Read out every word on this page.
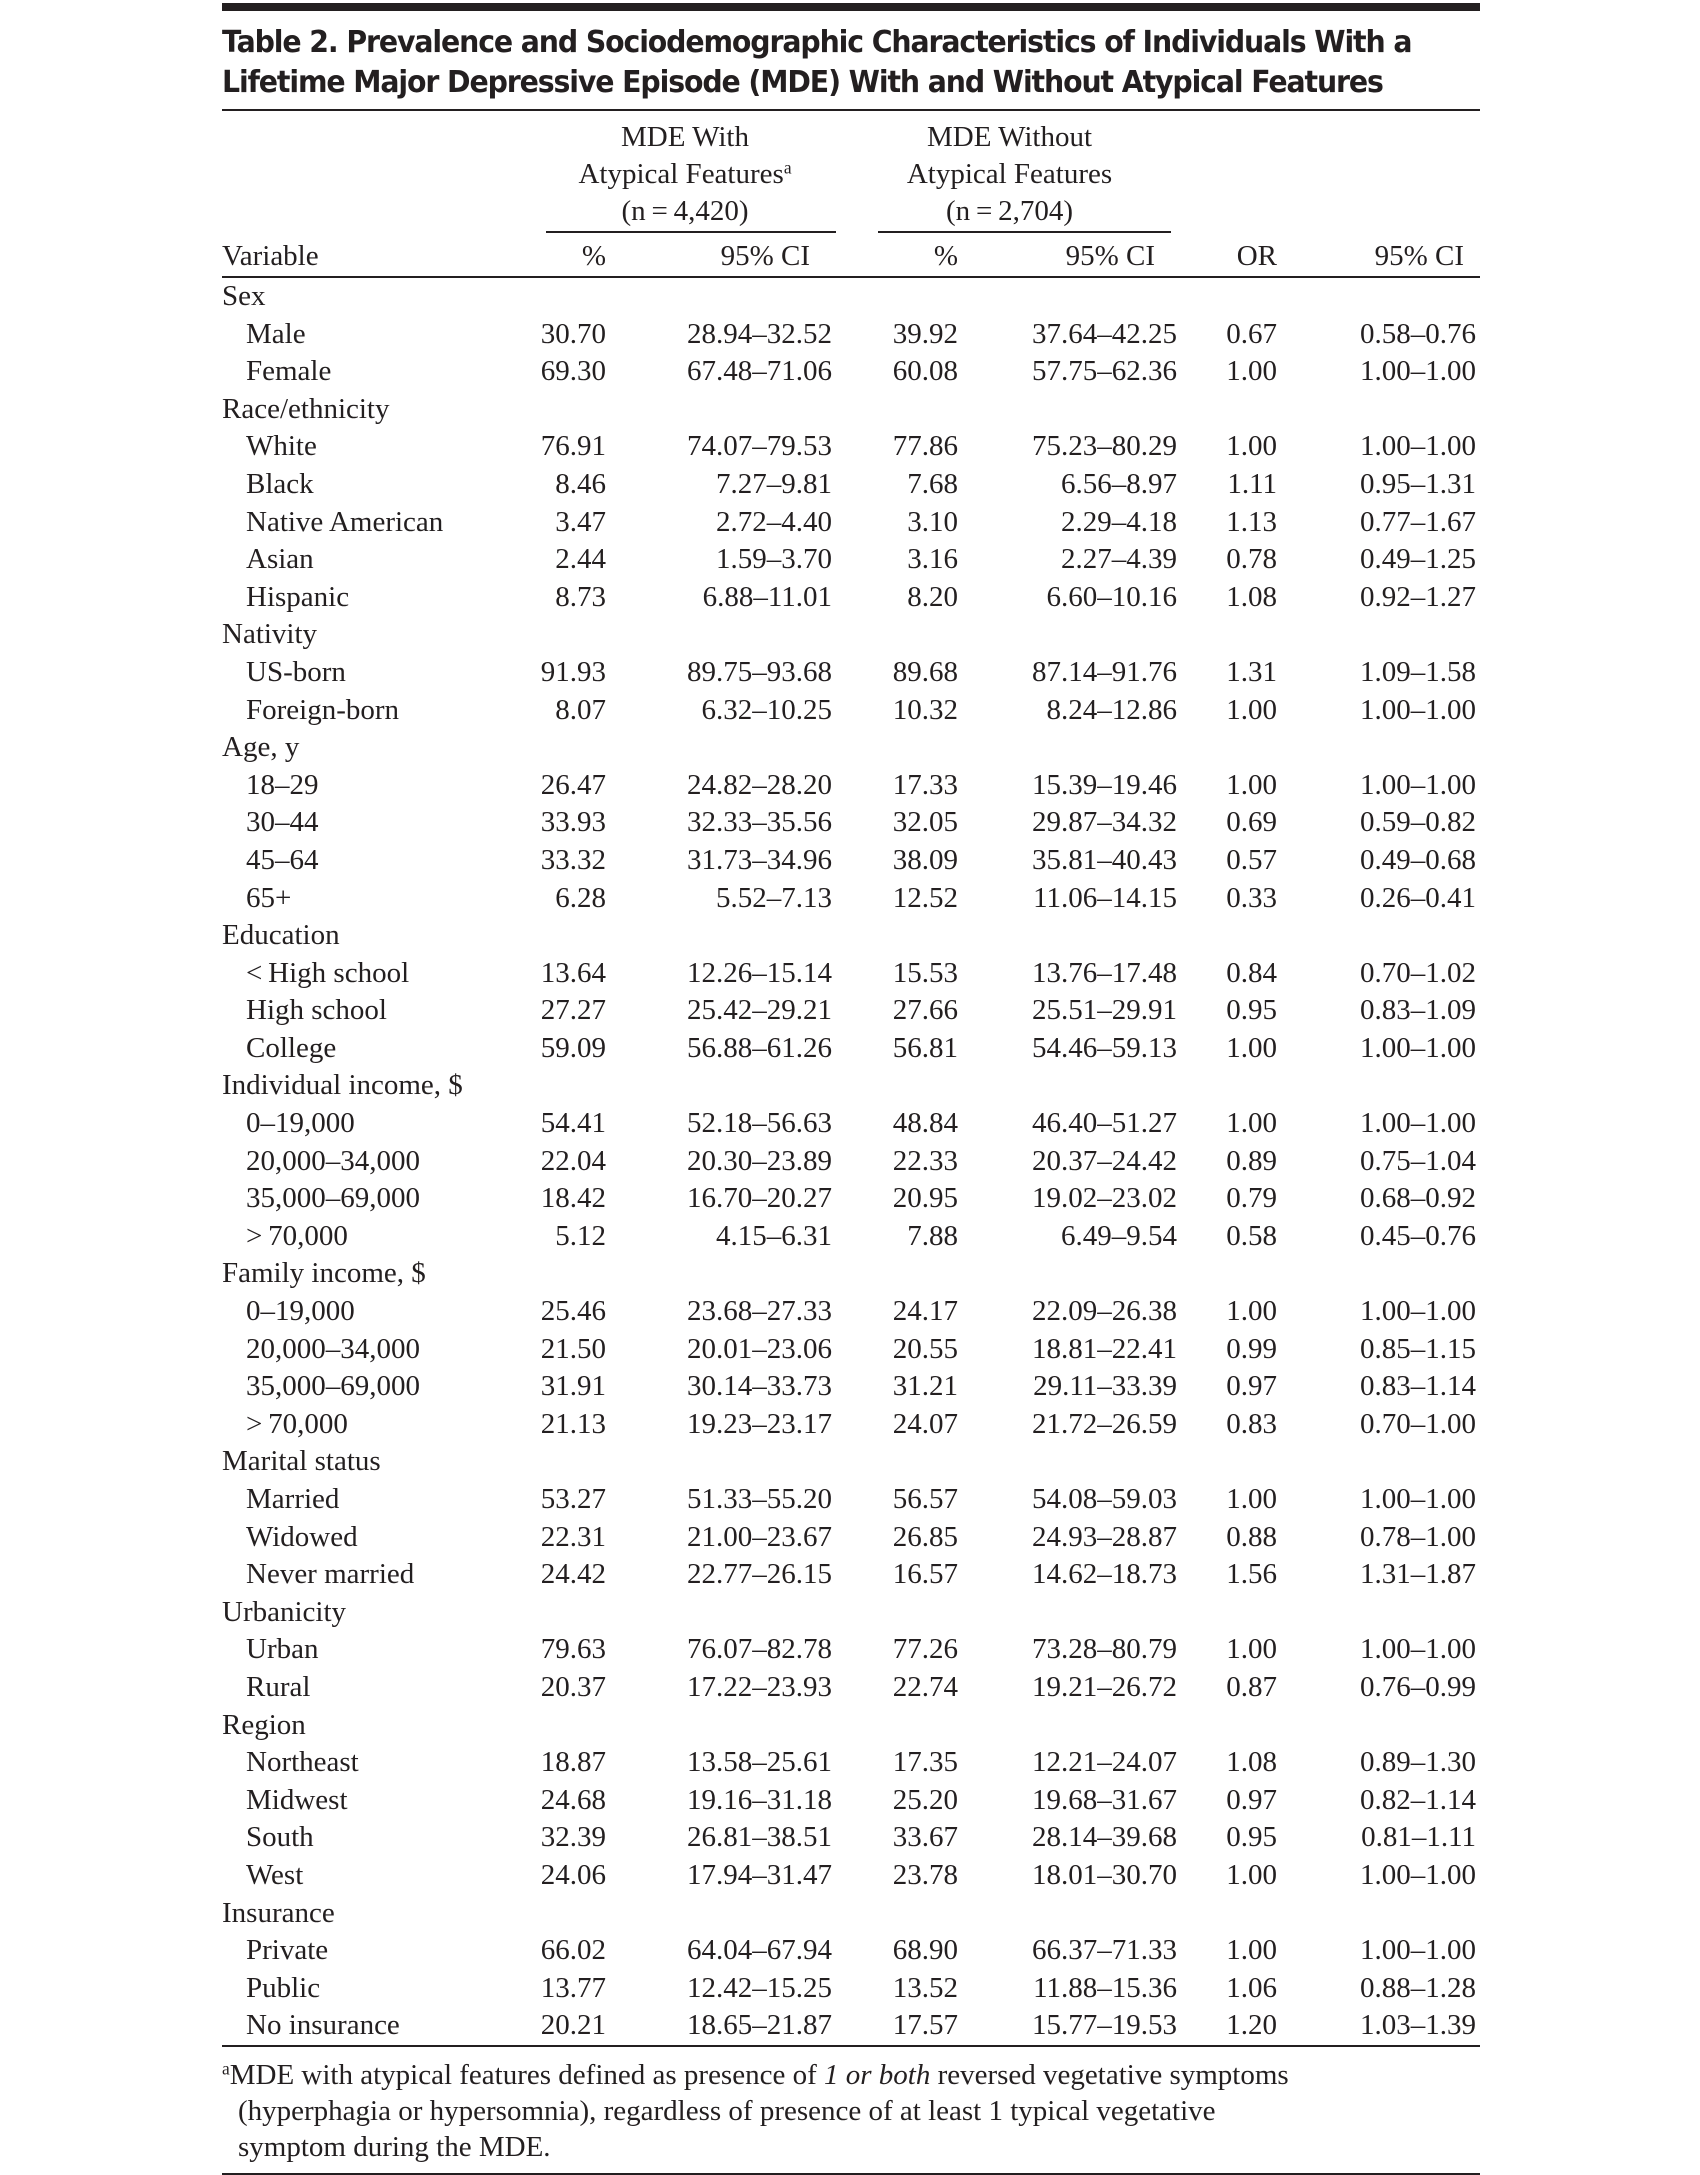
Table 2. Prevalence and Sociodemographic Characteristics of Individuals With a
Lifetime Major Depressive Episode (MDE) With and Without Atypical Features

	MDE With		MDE Without			

	Atypical Features$^a$		Atypical Features			
	(n = 4,420)		(n = 2,704)		

Variable	%	95% CI	%	95% CI	OR	95% CI

Sex						
Male	30.70	28.94–32.52	39.92	37.64–42.25	0.67	0.58–0.76
Female	69.30	67.48–71.06	60.08	57.75–62.36	1.00	1.00–1.00
Race/ethnicity						
White	76.91	74.07–79.53	77.86	75.23–80.29	1.00	1.00–1.00
Black	8.46	7.27–9.81	7.68	6.56–8.97	1.11	0.95–1.31
Native American	3.47	2.72–4.40	3.10	2.29–4.18	1.13	0.77–1.67
Asian	2.44	1.59–3.70	3.16	2.27–4.39	0.78	0.49–1.25
Hispanic	8.73	6.88–11.01	8.20	6.60–10.16	1.08	0.92–1.27
Nativity						
US-born	91.93	89.75–93.68	89.68	87.14–91.76	1.31	1.09–1.58
Foreign-born	8.07	6.32–10.25	10.32	8.24–12.86	1.00	1.00–1.00
Age, y						
18–29	26.47	24.82–28.20	17.33	15.39–19.46	1.00	1.00–1.00
30–44	33.93	32.33–35.56	32.05	29.87–34.32	0.69	0.59–0.82
45–64	33.32	31.73–34.96	38.09	35.81–40.43	0.57	0.49–0.68
65+	6.28	5.52–7.13	12.52	11.06–14.15	0.33	0.26–0.41
Education						
< High school	13.64	12.26–15.14	15.53	13.76–17.48	0.84	0.70–1.02
High school	27.27	25.42–29.21	27.66	25.51–29.91	0.95	0.83–1.09
College	59.09	56.88–61.26	56.81	54.46–59.13	1.00	1.00–1.00
Individual income, $						
0–19,000	54.41	52.18–56.63	48.84	46.40–51.27	1.00	1.00–1.00
20,000–34,000	22.04	20.30–23.89	22.33	20.37–24.42	0.89	0.75–1.04
35,000–69,000	18.42	16.70–20.27	20.95	19.02–23.02	0.79	0.68–0.92
> 70,000	5.12	4.15–6.31	7.88	6.49–9.54	0.58	0.45–0.76
Family income, $						
0–19,000	25.46	23.68–27.33	24.17	22.09–26.38	1.00	1.00–1.00
20,000–34,000	21.50	20.01–23.06	20.55	18.81–22.41	0.99	0.85–1.15
35,000–69,000	31.91	30.14–33.73	31.21	29.11–33.39	0.97	0.83–1.14
> 70,000	21.13	19.23–23.17	24.07	21.72–26.59	0.83	0.70–1.00
Marital status						
Married	53.27	51.33–55.20	56.57	54.08–59.03	1.00	1.00–1.00
Widowed	22.31	21.00–23.67	26.85	24.93–28.87	0.88	0.78–1.00
Never married	24.42	22.77–26.15	16.57	14.62–18.73	1.56	1.31–1.87
Urbanicity						
Urban	79.63	76.07–82.78	77.26	73.28–80.79	1.00	1.00–1.00
Rural	20.37	17.22–23.93	22.74	19.21–26.72	0.87	0.76–0.99
Region						
Northeast	18.87	13.58–25.61	17.35	12.21–24.07	1.08	0.89–1.30
Midwest	24.68	19.16–31.18	25.20	19.68–31.67	0.97	0.82–1.14
South	32.39	26.81–38.51	33.67	28.14–39.68	0.95	0.81–1.11
West	24.06	17.94–31.47	23.78	18.01–30.70	1.00	1.00–1.00
Insurance						
Private	66.02	64.04–67.94	68.90	66.37–71.33	1.00	1.00–1.00
Public	13.77	12.42–15.25	13.52	11.88–15.36	1.06	0.88–1.28
No insurance	20.21	18.65–21.87	17.57	15.77–19.53	1.20	1.03–1.39

$^a$MDE with atypical features defined as presence of 1 or both reversed vegetative symptoms
(hyperphagia or hypersomnia), regardless of presence of at least 1 typical vegetative
symptom during the MDE.
